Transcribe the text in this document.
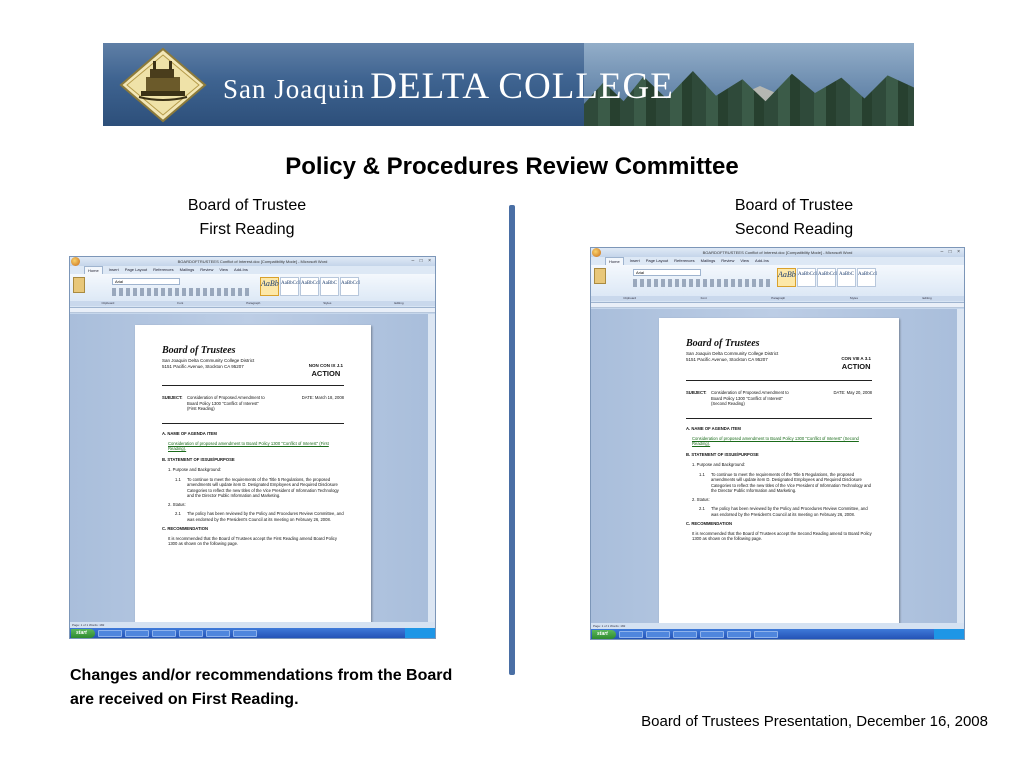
San Joaquin DELTA COLLEGE
Policy & Procedures Review Committee
Board of Trustee
First Reading
Board of Trustee
Second Reading
BOARDOFTRUSTEES Conflict of Interest.doc [Compatibility Mode] - Microsoft Word	– □ ×
Home	Insert Page Layout References Mailings Review View Add-Ins
Arial	AaBb AaBbCcI AaBbCcI AaBbC AaBbCcI
Clipboard	Font	Paragraph	Styles	Editing
Board of Trustees
San Joaquin Delta Community College District
5151 Pacific Avenue, Stockton CA 95207	NON CON IX J.1
ACTION
SUBJECT: Consideration of Proposed Amendment to
Board Policy 1300 "Conflict of Interest"
(First Reading)
DATE: March 18, 2008
A. NAME OF AGENDA ITEM
Consideration of proposed amendment to Board Policy 1300 "Conflict of Interest" (First Reading).
B. STATEMENT OF ISSUE/PURPOSE
1. Purpose and Background:
1.1	To continue to meet the requirements of the Title 5 Regulations, the proposed amendments will update item D. Designated Employees and Required Disclosure Categories to reflect the new titles of the Vice President of Information Technology and the Director Public Information and Marketing.
2. Status:
2.1	The policy has been reviewed by the Policy and Procedures Review Committee, and was endorsed by the President's Council at its meeting on February 26, 2008.
C. RECOMMENDATION
It is recommended that the Board of Trustees accept the First Reading amend Board Policy 1300 as shown on the following page.
Page: 1 of 1 Words: 182
start
BOARDOFTRUSTEES Conflict of Interest.doc [Compatibility Mode] - Microsoft Word	– □ ×
Home	Insert Page Layout References Mailings Review View Add-Ins
Arial	AaBb AaBbCcI AaBbCcI AaBbC AaBbCcI
Clipboard	Font	Paragraph	Styles	Editing
Board of Trustees
San Joaquin Delta Community College District
5151 Pacific Avenue, Stockton CA 95207	CON VIII A 3.1
ACTION
SUBJECT: Consideration of Proposed Amendment to
Board Policy 1300 "Conflict of Interest"
(Second Reading)
DATE: May 20, 2008
A. NAME OF AGENDA ITEM
Consideration of proposed amendment to Board Policy 1300 "Conflict of Interest" (Second Reading).
B. STATEMENT OF ISSUE/PURPOSE
1. Purpose and Background:
1.1	To continue to meet the requirements of the Title 5 Regulations, the proposed amendments will update item D. Designated Employees and Required Disclosure Categories to reflect the new titles of the Vice President of Information Technology and the Director Public Information and Marketing.
2. Status:
2.1	The policy has been reviewed by the Policy and Procedures Review Committee, and was endorsed by the President's Council at its meeting on February 26, 2008.
C. RECOMMENDATION
It is recommended that the Board of Trustees accept the Second Reading amend to Board Policy 1300 as shown on the following page.
Page: 1 of 1 Words: 182
start
Changes and/or recommendations from the Board are received on First Reading.
Board of Trustees Presentation, December 16, 2008
